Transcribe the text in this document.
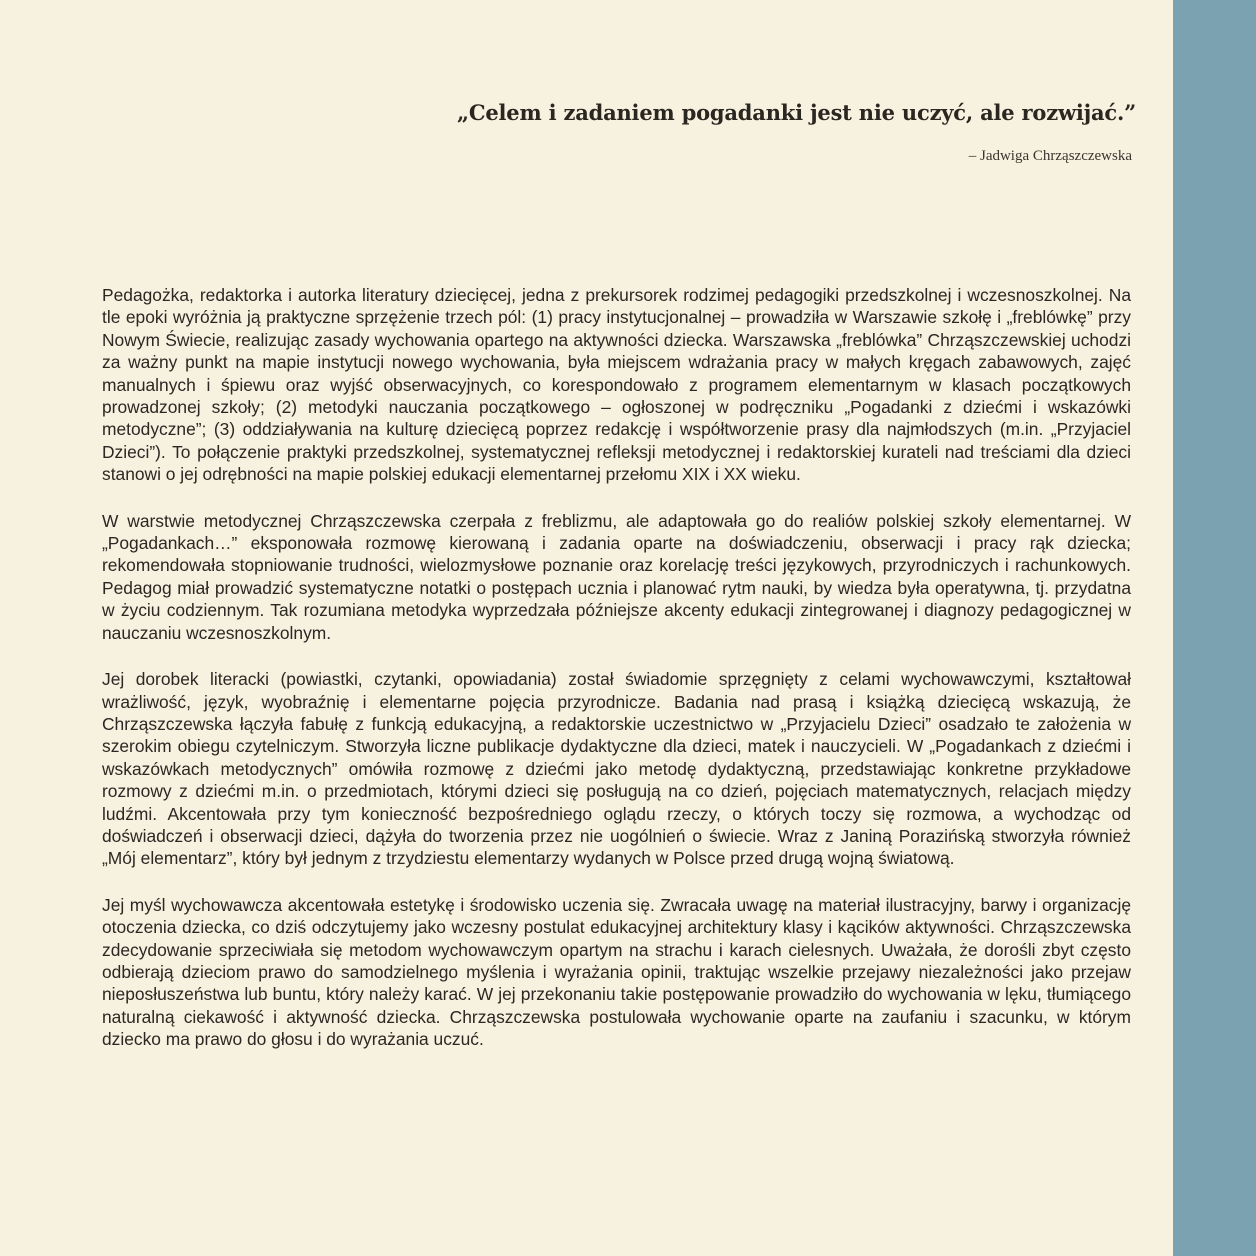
„Celem i zadaniem pogadanki jest nie uczyć, ale rozwijać.”
– Jadwiga Chrząszczewska

Pedagożka, redaktorka i autorka literatury dziecięcej, jedna z prekursorek rodzimej pedagogiki przedszkolnej i wczesnoszkolnej. Na tle epoki wyróżnia ją praktyczne sprzężenie trzech pól: (1) pracy instytucjonalnej – prowadziła w Warszawie szkołę i „freblówkę” przy Nowym Świecie, realizując zasady wychowania opartego na aktywności dziecka. Warszawska „freblówka” Chrząszczewskiej uchodzi za ważny punkt na mapie instytucji nowego wychowania, była miejscem wdrażania pracy w małych kręgach zabawowych, zajęć manualnych i śpiewu oraz wyjść obserwacyjnych, co korespondowało z programem elementarnym w klasach początkowych prowadzonej szkoły; (2) metodyki nauczania początkowego – ogłoszonej w podręczniku „Pogadanki z dziećmi i wskazówki metodyczne”; (3) oddziaływania na kulturę dziecięcą poprzez redakcję i współtworzenie prasy dla najmłodszych (m.in. „Przyjaciel Dzieci”). To połączenie praktyki przedszkolnej, systematycznej refleksji metodycznej i redaktorskiej kurateli nad treściami dla dzieci stanowi o jej odrębności na mapie polskiej edukacji elementarnej przełomu XIX i XX wieku.

W warstwie metodycznej Chrząszczewska czerpała z freblizmu, ale adaptowała go do realiów polskiej szkoły elementarnej. W „Pogadankach…” eksponowała rozmowę kierowaną i zadania oparte na doświadczeniu, obserwacji i pracy rąk dziecka; rekomendowała stopniowanie trudności, wielozmysłowe poznanie oraz korelację treści językowych, przyrodniczych i rachunkowych. Pedagog miał prowadzić systematyczne notatki o postępach ucznia i planować rytm nauki, by wiedza była operatywna, tj. przydatna w życiu codziennym. Tak rozumiana metodyka wyprzedzała późniejsze akcenty edukacji zintegrowanej i diagnozy pedagogicznej w nauczaniu wczesnoszkolnym.

Jej dorobek literacki (powiastki, czytanki, opowiadania) został świadomie sprzęgnięty z celami wychowawczymi, kształtował wrażliwość, język, wyobraźnię i elementarne pojęcia przyrodnicze. Badania nad prasą i książką dziecięcą wskazują, że Chrząszczewska łączyła fabułę z funkcją edukacyjną, a redaktorskie uczestnictwo w „Przyjacielu Dzieci” osadzało te założenia w szerokim obiegu czytelniczym. Stworzyła liczne publikacje dydaktyczne dla dzieci, matek i nauczycieli. W „Pogadankach z dziećmi i wskazówkach metodycznych” omówiła rozmowę z dziećmi jako metodę dydaktyczną, przedstawiając konkretne przykładowe rozmowy z dziećmi m.in. o przedmiotach, którymi dzieci się posługują na co dzień, pojęciach matematycznych, relacjach między ludźmi. Akcentowała przy tym konieczność bezpośredniego oglądu rzeczy, o których toczy się rozmowa, a wychodząc od doświadczeń i obserwacji dzieci, dążyła do tworzenia przez nie uogólnień o świecie. Wraz z Janiną Porazińską stworzyła również „Mój elementarz”, który był jednym z trzydziestu elementarzy wydanych w Polsce przed drugą wojną światową.

Jej myśl wychowawcza akcentowała estetykę i środowisko uczenia się. Zwracała uwagę na materiał ilustracyjny, barwy i organizację otoczenia dziecka, co dziś odczytujemy jako wczesny postulat edukacyjnej architektury klasy i kącików aktywności. Chrząszczewska zdecydowanie sprzeciwiała się metodom wychowawczym opartym na strachu i karach cielesnych. Uważała, że dorośli zbyt często odbierają dzieciom prawo do samodzielnego myślenia i wyrażania opinii, traktując wszelkie przejawy niezależności jako przejaw nieposłuszeństwa lub buntu, który należy karać. W jej przekonaniu takie postępowanie prowadziło do wychowania w lęku, tłumiącego naturalną ciekawość i aktywność dziecka. Chrząszczewska postulowała wychowanie oparte na zaufaniu i szacunku, w którym dziecko ma prawo do głosu i do wyrażania uczuć.
